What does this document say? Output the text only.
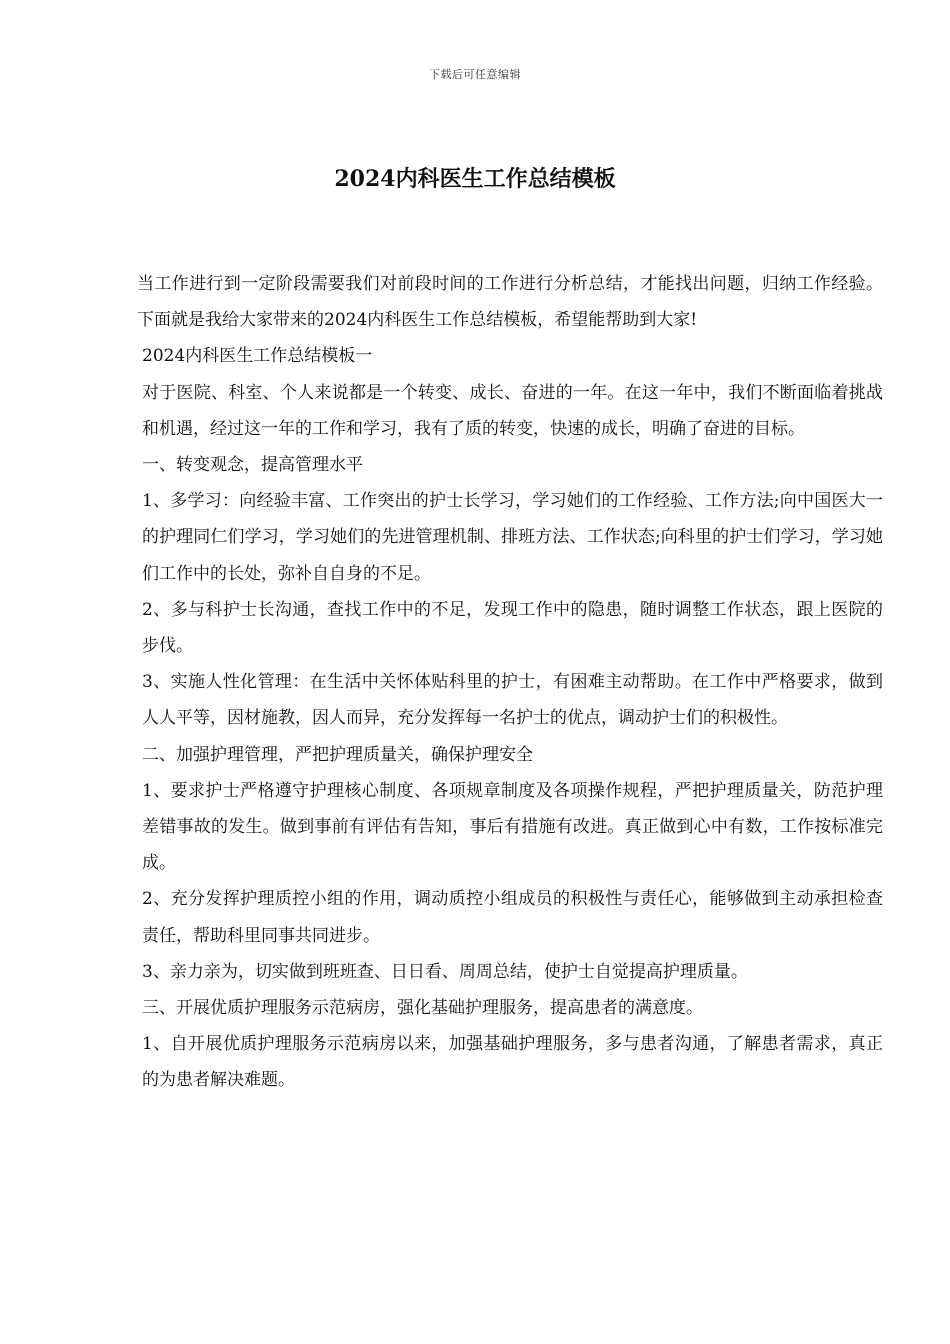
下载后可任意编辑
2024内科医生工作总结模板

当工作进行到一定阶段需要我们对前段时间的工作进行分析总结，才能找出问题，归纳工作经验。下面就是我给大家带来的2024内科医生工作总结模板，希望能帮助到大家!

2024内科医生工作总结模板一

对于医院、科室、个人来说都是一个转变、成长、奋进的一年。在这一年中，我们不断面临着挑战和机遇，经过这一年的工作和学习，我有了质的转变，快速的成长，明确了奋进的目标。

一、转变观念，提高管理水平

1、多学习：向经验丰富、工作突出的护士长学习，学习她们的工作经验、工作方法;向中国医大一的护理同仁们学习，学习她们的先进管理机制、排班方法、工作状态;向科里的护士们学习，学习她们工作中的长处，弥补自自身的不足。

2、多与科护士长沟通，查找工作中的不足，发现工作中的隐患，随时调整工作状态，跟上医院的步伐。

3、实施人性化管理：在生活中关怀体贴科里的护士，有困难主动帮助。在工作中严格要求，做到人人平等，因材施教，因人而异，充分发挥每一名护士的优点，调动护士们的积极性。

二、加强护理管理，严把护理质量关，确保护理安全

1、要求护士严格遵守护理核心制度、各项规章制度及各项操作规程，严把护理质量关，防范护理差错事故的发生。做到事前有评估有告知，事后有措施有改进。真正做到心中有数，工作按标准完成。

2、充分发挥护理质控小组的作用，调动质控小组成员的积极性与责任心，能够做到主动承担检查责任，帮助科里同事共同进步。

3、亲力亲为，切实做到班班查、日日看、周周总结，使护士自觉提高护理质量。

三、开展优质护理服务示范病房，强化基础护理服务，提高患者的满意度。

1、自开展优质护理服务示范病房以来，加强基础护理服务，多与患者沟通，了解患者需求，真正的为患者解决难题。
